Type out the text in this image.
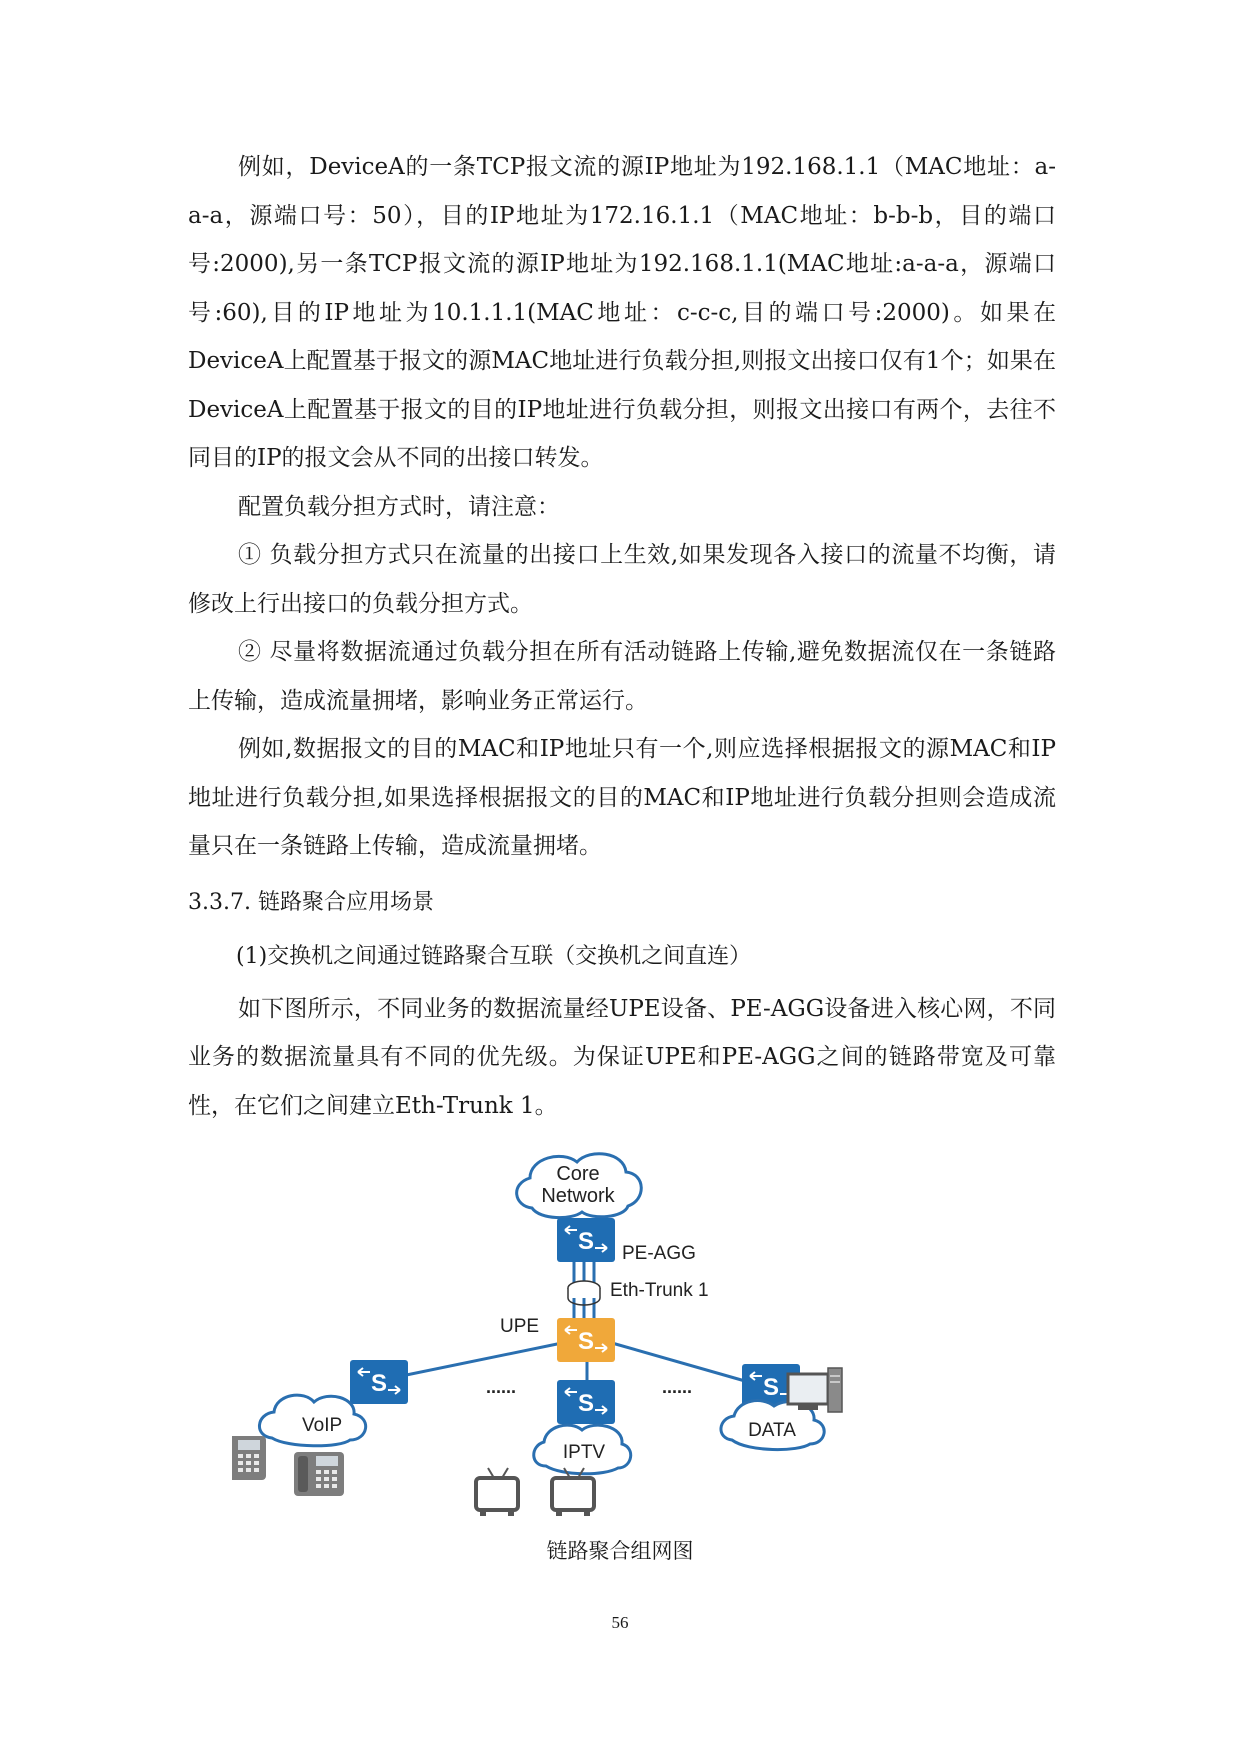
例如，DeviceA的一条TCP报文流的源IP地址为192.168.1.1（MAC地址：a-a-a，源端口号：50），目的IP地址为172.16.1.1（MAC地址：b-b-b，目的端口号:2000),另一条TCP报文流的源IP地址为192.168.1.1(MAC地址:a-a-a，源端口号:60),目的IP地址为10.1.1.1(MAC地址：c-c-c,目的端口号:2000)。如果在DeviceA上配置基于报文的源MAC地址进行负载分担,则报文出接口仅有1个；如果在DeviceA上配置基于报文的目的IP地址进行负载分担，则报文出接口有两个，去往不同目的IP的报文会从不同的出接口转发。

配置负载分担方式时，请注意：

① 负载分担方式只在流量的出接口上生效,如果发现各入接口的流量不均衡，请修改上行出接口的负载分担方式。

② 尽量将数据流通过负载分担在所有活动链路上传输,避免数据流仅在一条链路上传输，造成流量拥堵，影响业务正常运行。

例如,数据报文的目的MAC和IP地址只有一个,则应选择根据报文的源MAC和IP地址进行负载分担,如果选择根据报文的目的MAC和IP地址进行负载分担则会造成流量只在一条链路上传输，造成流量拥堵。

3.3.7. 链路聚合应用场景

(1)交换机之间通过链路聚合互联（交换机之间直连）

如下图所示，不同业务的数据流量经UPE设备、PE-AGG设备进入核心网，不同业务的数据流量具有不同的优先级。为保证UPE和PE-AGG之间的链路带宽及可靠性，在它们之间建立Eth-Trunk 1。

Core
Network
S PE-AGG
Eth-Trunk 1
S
UPE
S
S
S
......	......
VoIP
IPTV
DATA
链路聚合组网图
56
